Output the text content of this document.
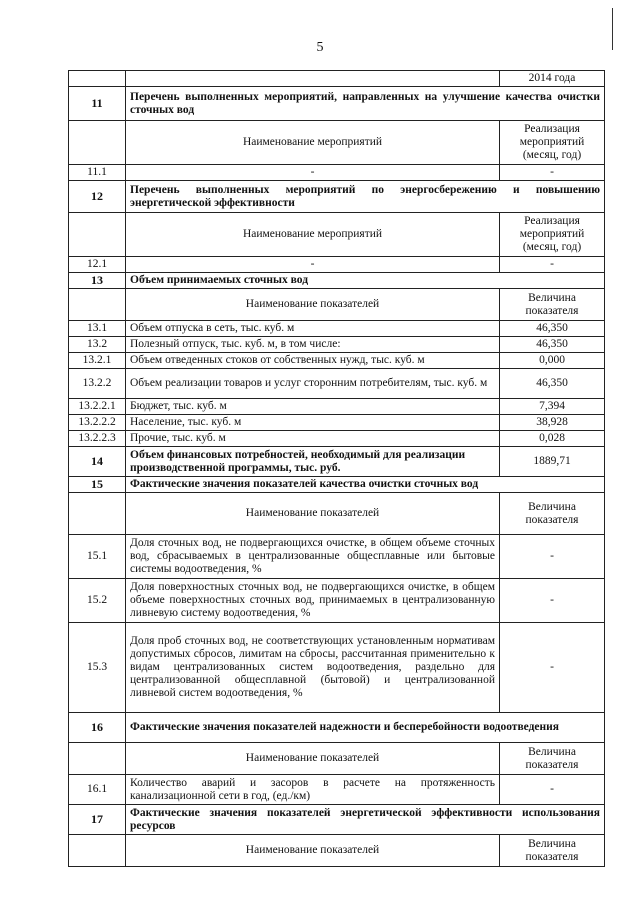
5
		2014 года
11	Перечень выполненных мероприятий, направленных на улучшение качества очистки сточных вод	
	Наименование мероприятий	Реализация мероприятий (месяц, год)
11.1	-	-
12	Перечень выполненных мероприятий по энергосбережению и повышению энергетической эффективности	
	Наименование мероприятий	Реализация мероприятий (месяц, год)
12.1	-	-
13	Объем принимаемых сточных вод	
	Наименование показателей	Величина показателя
13.1	Объем отпуска в сеть, тыс. куб. м	46,350
13.2	Полезный отпуск, тыс. куб. м, в том числе:	46,350
13.2.1	Объем отведенных стоков от собственных нужд, тыс. куб. м	0,000
13.2.2	Объем реализации товаров и услуг сторонним потребителям, тыс. куб. м	46,350
13.2.2.1	Бюджет, тыс. куб. м	7,394
13.2.2.2	Население, тыс. куб. м	38,928
13.2.2.3	Прочие, тыс. куб. м	0,028
14	Объем финансовых потребностей, необходимый для реализации производственной программы, тыс. руб.	1889,71
15	Фактические значения показателей качества очистки сточных вод	
	Наименование показателей	Величина показателя
15.1	Доля сточных вод, не подвергающихся очистке, в общем объеме сточных вод, сбрасываемых в централизованные общесплавные или бытовые системы водоотведения, %	-
15.2	Доля поверхностных сточных вод, не подвергающихся очистке, в общем объеме поверхностных сточных вод, принимаемых в централизованную ливневую систему водоотведения, %	-
15.3	Доля проб сточных вод, не соответствующих установленным нормативам допустимых сбросов, лимитам на сбросы, рассчитанная применительно к видам централизованных систем водоотведения, раздельно для централизованной общесплавной (бытовой) и централизованной ливневой систем водоотведения, %	-
16	Фактические значения показателей надежности и бесперебойности водоотведения	
	Наименование показателей	Величина показателя
16.1	Количество аварий и засоров в расчете на протяженность канализационной сети в год, (ед./км)	-
17	Фактические значения показателей энергетической эффективности использования ресурсов	
	Наименование показателей	Величина показателя
